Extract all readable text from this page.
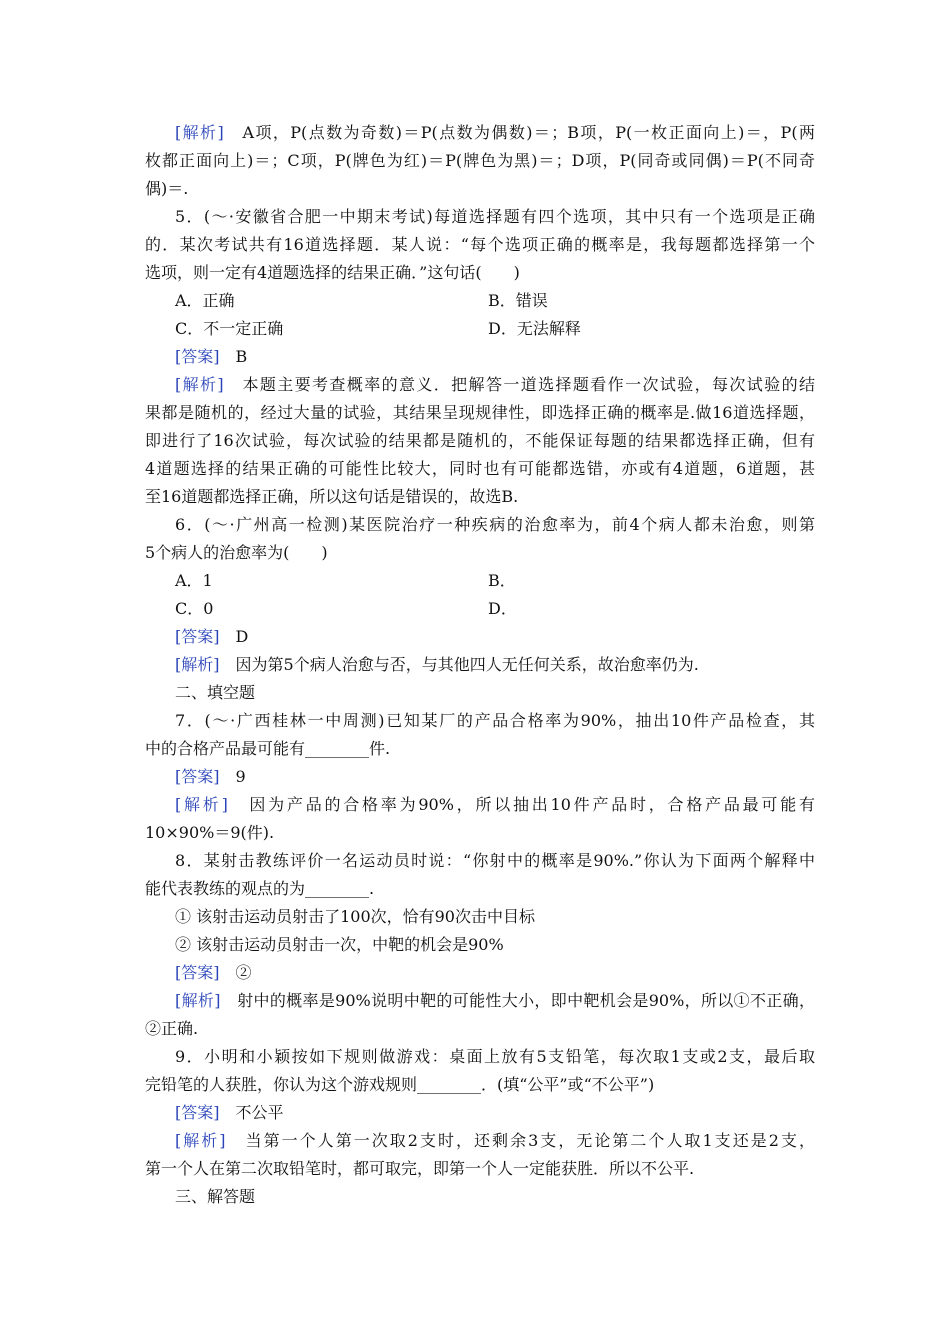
[解析]　 A项，P(点数为奇数)＝P(点数为偶数)＝；B项，P(一枚正面向上)＝，P(两
枚都正面向上)＝；C项，P(牌色为红)＝P(牌色为黑)＝；D项，P(同奇或同偶)＝P(不同奇
偶)＝.
5．(～·安徽省合肥一中期末考试)每道选择题有四个选项，其中只有一个选项是正确
的．某次考试共有16道选择题．某人说：“每个选项正确的概率是，我每题都选择第一个
选项，则一定有4道题选择的结果正确．”这句话(　　)
A．正确	B．错误
C．不一定正确	D．无法解释
[答案]　 B
[解析]　 本题主要考查概率的意义．把解答一道选择题看作一次试验，每次试验的结
果都是随机的，经过大量的试验，其结果呈现规律性，即选择正确的概率是.做16道选择题，
即进行了16次试验，每次试验的结果都是随机的，不能保证每题的结果都选择正确，但有
4道题选择的结果正确的可能性比较大，同时也有可能都选错，亦或有4道题，6道题，甚
至16道题都选择正确，所以这句话是错误的，故选B.
6．(～·广州高一检测)某医院治疗一种疾病的治愈率为，前4个病人都未治愈，则第
5个病人的治愈率为(　　)
A．1	B．
C．0	D．
[答案]　 D
[解析]　 因为第5个病人治愈与否，与其他四人无任何关系，故治愈率仍为.
二、填空题
7．(～·广西桂林一中周测)已知某厂的产品合格率为90%，抽出10件产品检查，其
中的合格产品最可能有________件.
[答案]　 9
[解析]　 因为产品的合格率为90%，所以抽出10件产品时，合格产品最可能有
10×90%＝9(件).
8．某射击教练评价一名运动员时说：“你射中的概率是90%.”你认为下面两个解释中
能代表教练的观点的为________.
① 该射击运动员射击了100次，恰有90次击中目标
② 该射击运动员射击一次，中靶的机会是90%
[答案]　 ②
[解析]　 射中的概率是90%说明中靶的可能性大小，即中靶机会是90%，所以①不正确，
②正确.
9．小明和小颖按如下规则做游戏：桌面上放有5支铅笔，每次取1支或2支，最后取
完铅笔的人获胜，你认为这个游戏规则________．(填“公平”或“不公平”)
[答案]　 不公平
[解析]　 当第一个人第一次取2支时，还剩余3支，无论第二个人取1支还是2支，
第一个人在第二次取铅笔时，都可取完，即第一个人一定能获胜．所以不公平.
三、解答题
